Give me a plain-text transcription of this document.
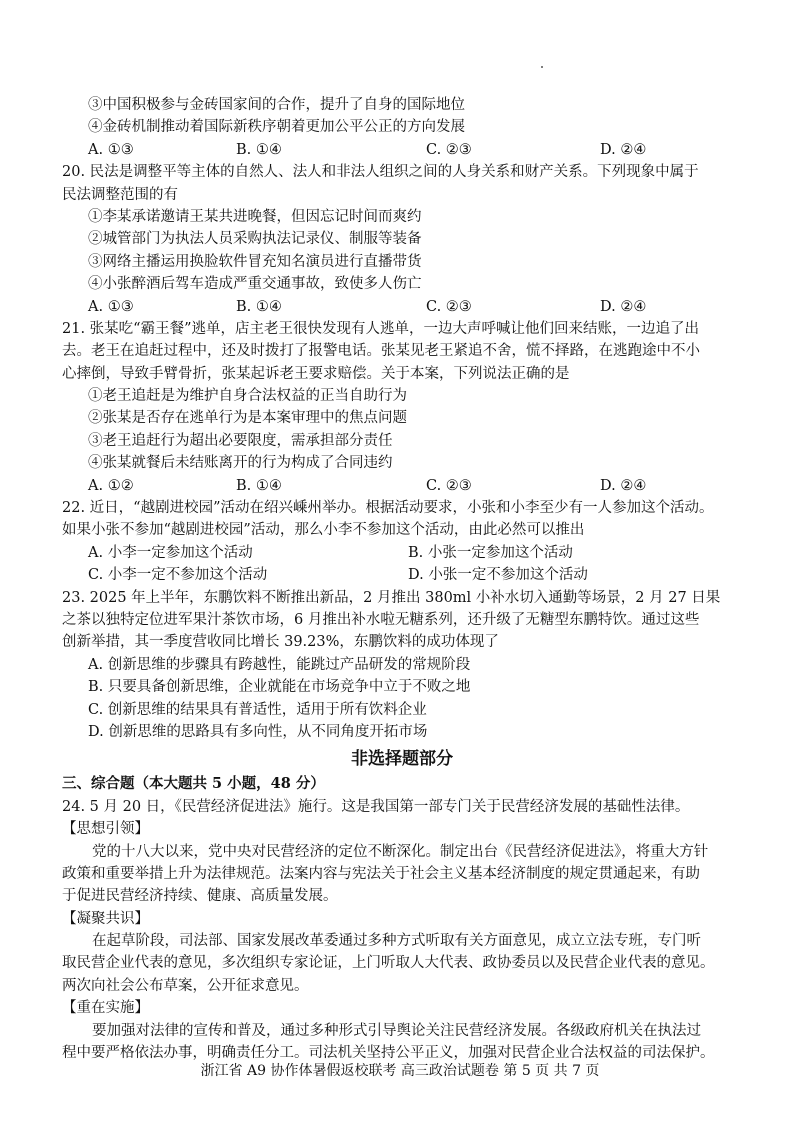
③中国积极参与金砖国家间的合作，提升了自身的国际地位
④金砖机制推动着国际新秩序朝着更加公平公正的方向发展
A. ①③	B. ①④	C. ②③	D. ②④
20. 民法是调整平等主体的自然人、法人和非法人组织之间的人身关系和财产关系。下列现象中属于
民法调整范围的有
①李某承诺邀请王某共进晚餐，但因忘记时间而爽约
②城管部门为执法人员采购执法记录仪、制服等装备
③网络主播运用换脸软件冒充知名演员进行直播带货
④小张醉酒后驾车造成严重交通事故，致使多人伤亡
A. ①③	B. ①④	C. ②③	D. ②④
21. 张某吃“霸王餐”逃单，店主老王很快发现有人逃单，一边大声呼喊让他们回来结账，一边追了出
去。老王在追赶过程中，还及时拨打了报警电话。张某见老王紧追不舍，慌不择路，在逃跑途中不小
心摔倒，导致手臂骨折，张某起诉老王要求赔偿。关于本案，下列说法正确的是
①老王追赶是为维护自身合法权益的正当自助行为
②张某是否存在逃单行为是本案审理中的焦点问题
③老王追赶行为超出必要限度，需承担部分责任
④张某就餐后未结账离开的行为构成了合同违约
A. ①②	B. ①④	C. ②③	D. ②④
22. 近日，“越剧进校园”活动在绍兴嵊州举办。根据活动要求，小张和小李至少有一人参加这个活动。
如果小张不参加“越剧进校园”活动，那么小李不参加这个活动，由此必然可以推出
A. 小李一定参加这个活动	B. 小张一定参加这个活动
C. 小李一定不参加这个活动	D. 小张一定不参加这个活动
23. 2025 年上半年，东鹏饮料不断推出新品，2 月推出 380ml 小补水切入通勤等场景，2 月 27 日果
之茶以独特定位进军果汁茶饮市场，6 月推出补水啦无糖系列，还升级了无糖型东鹏特饮。通过这些
创新举措，其一季度营收同比增长 39.23%，东鹏饮料的成功体现了
A. 创新思维的步骤具有跨越性，能跳过产品研发的常规阶段
B. 只要具备创新思维，企业就能在市场竞争中立于不败之地
C. 创新思维的结果具有普适性，适用于所有饮料企业
D. 创新思维的思路具有多向性，从不同角度开拓市场
非选择题部分
三、综合题（本大题共 5 小题，48 分）
24. 5 月 20 日，《民营经济促进法》施行。这是我国第一部专门关于民营经济发展的基础性法律。
【思想引领】
党的十八大以来，党中央对民营经济的定位不断深化。制定出台《民营经济促进法》，将重大方针
政策和重要举措上升为法律规范。法案内容与宪法关于社会主义基本经济制度的规定贯通起来，有助
于促进民营经济持续、健康、高质量发展。
【凝聚共识】
在起草阶段，司法部、国家发展改革委通过多种方式听取有关方面意见，成立立法专班，专门听
取民营企业代表的意见，多次组织专家论证，上门听取人大代表、政协委员以及民营企业代表的意见。
两次向社会公布草案，公开征求意见。
【重在实施】
要加强对法律的宣传和普及，通过多种形式引导舆论关注民营经济发展。各级政府机关在执法过
程中要严格依法办事，明确责任分工。司法机关坚持公平正义，加强对民营企业合法权益的司法保护。
浙江省 A9 协作体暑假返校联考 高三政治试题卷 第 5 页 共 7 页
